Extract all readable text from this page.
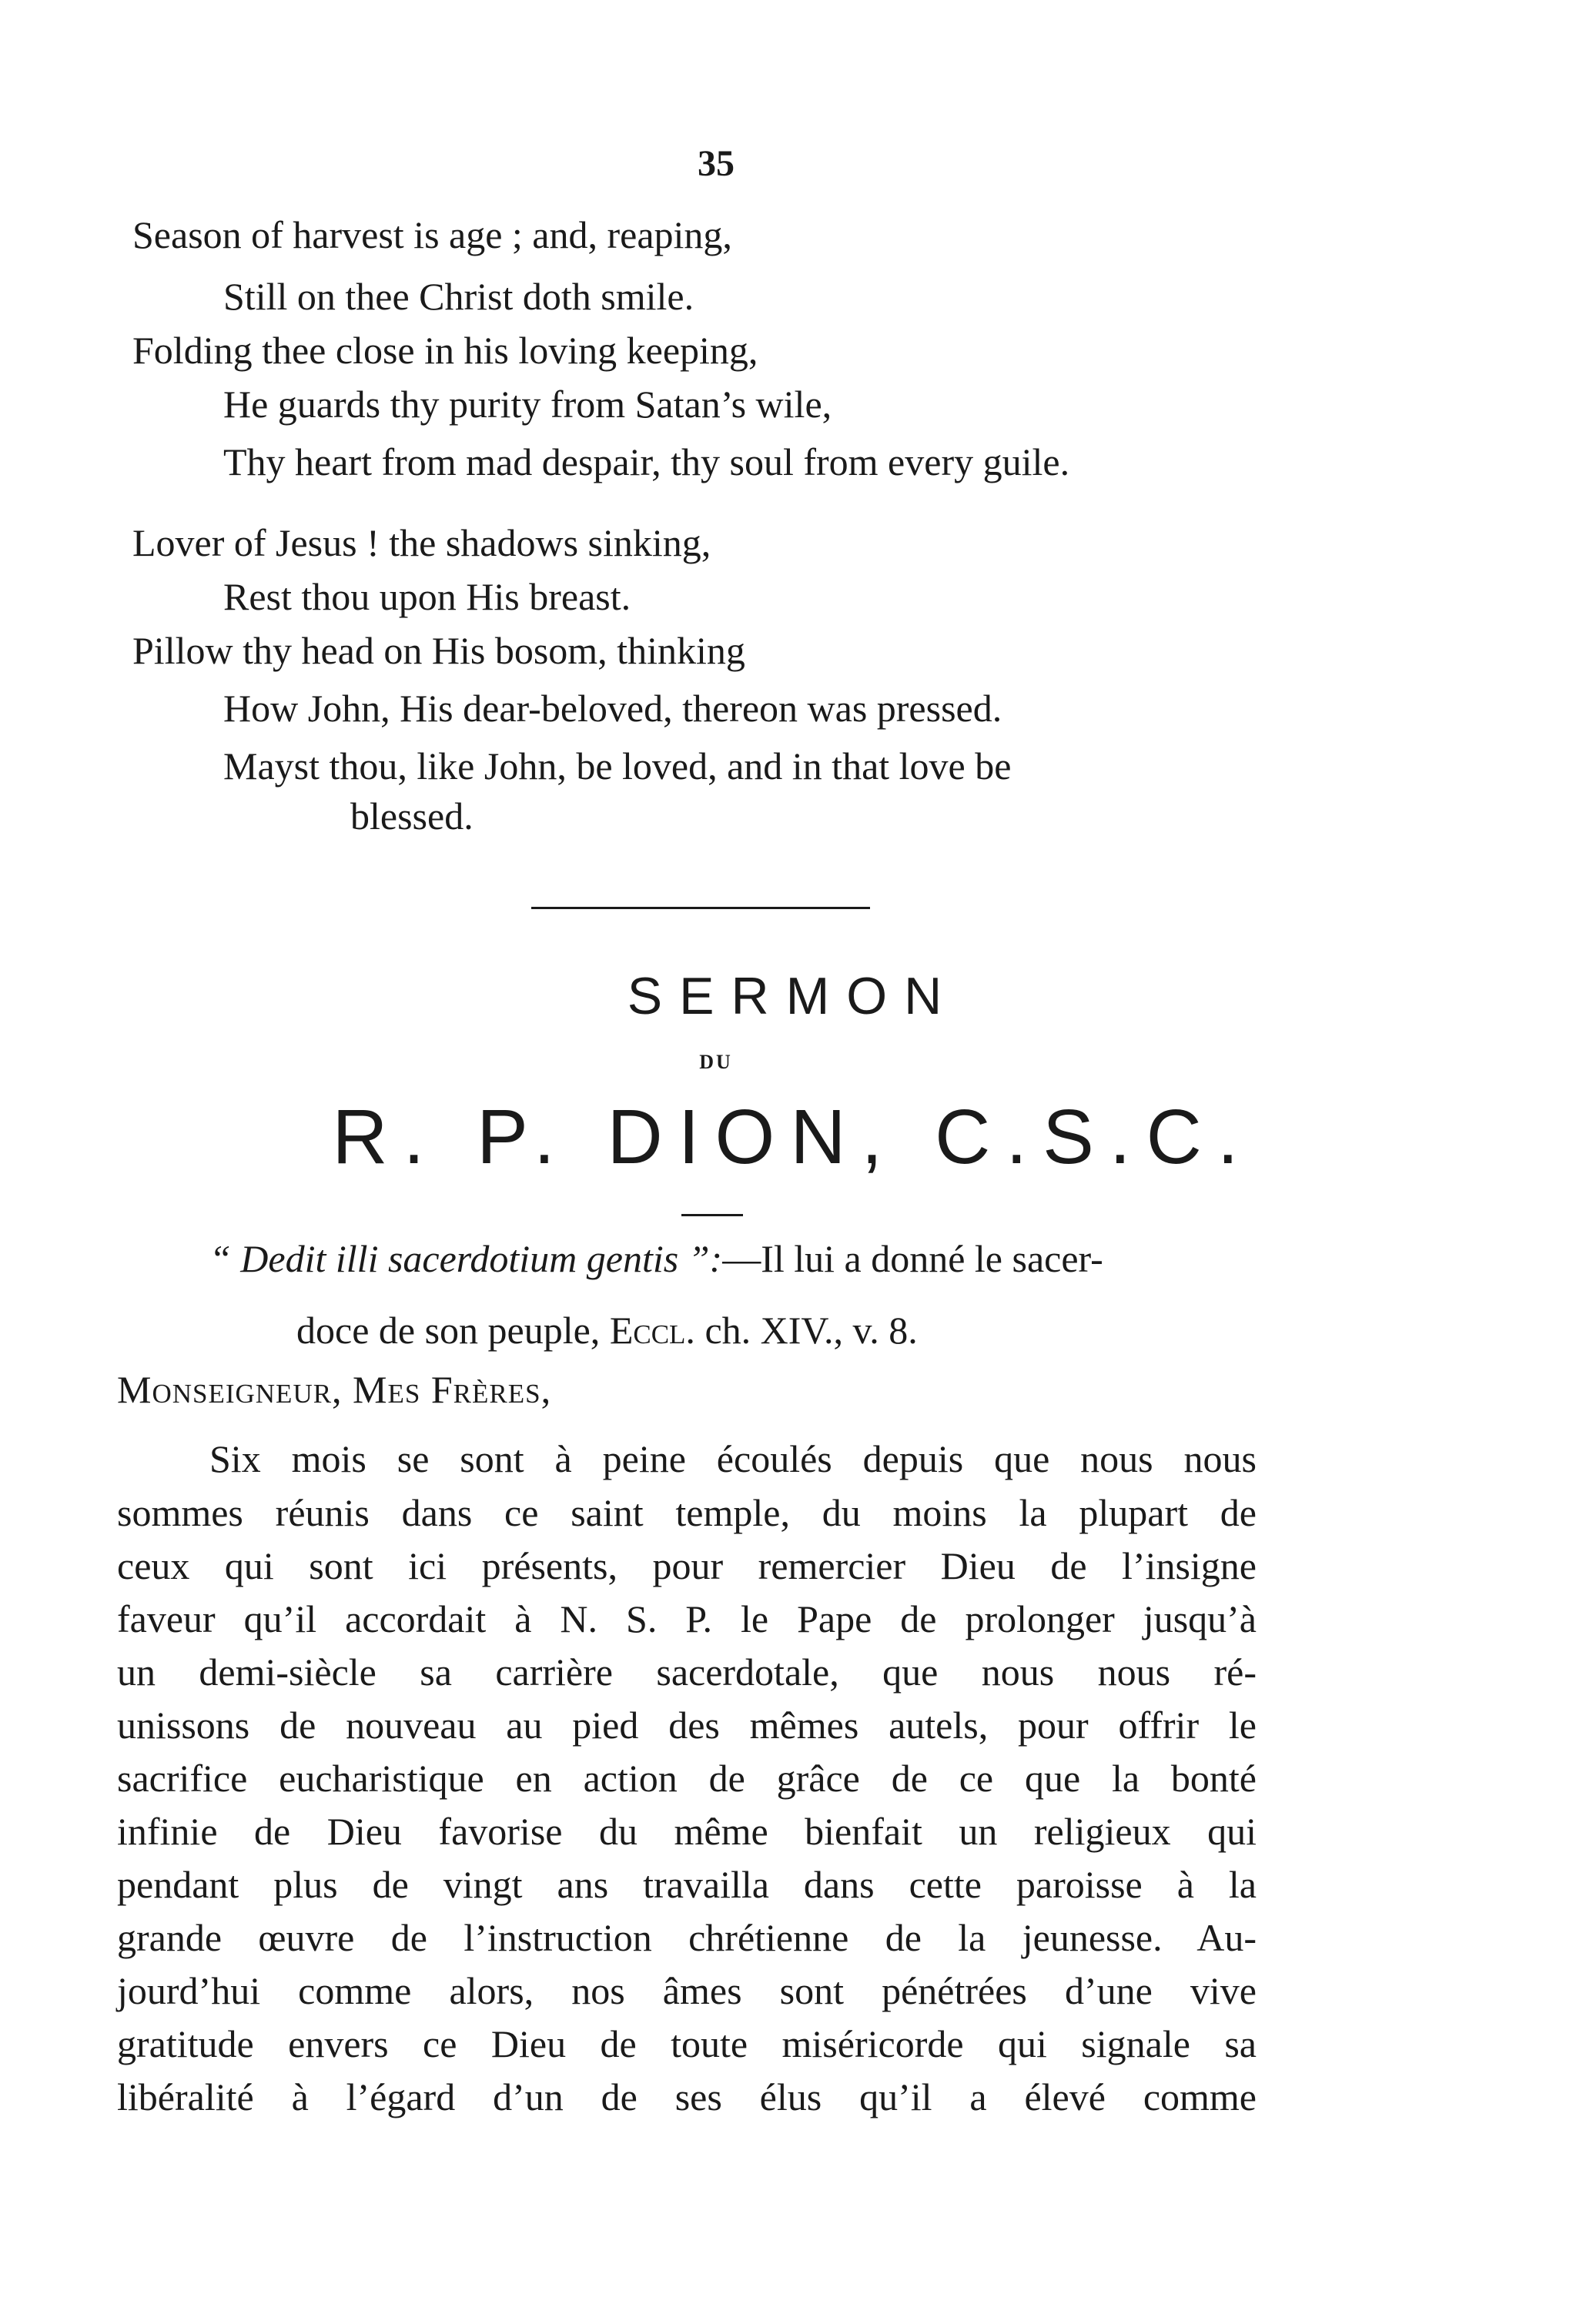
35
Season of harvest is age ; and, reaping,
Still on thee Christ doth smile.
Folding thee close in his loving keeping,
He guards thy purity from Satan’s wile,
Thy heart from mad despair, thy soul from every guile.
Lover of Jesus ! the shadows sinking,
Rest thou upon His breast.
Pillow thy head on His bosom, thinking
How John, His dear-beloved, thereon was pressed.
Mayst thou, like John, be loved, and in that love be
blessed.
SERMON
DU
R. P. DION, C.S.C.
“ Dedit illi sacerdotium gentis ”:—Il lui a donné le sacer-
doce de son peuple, Eccl. ch. XIV., v. 8.
Monseigneur, Mes Frères,
Six mois se sont à peine écoulés depuis que nous nous
sommes réunis dans ce saint temple, du moins la plupart de
ceux qui sont ici présents, pour remercier Dieu de l’insigne
faveur qu’il accordait à N. S. P. le Pape de prolonger jusqu’à
un demi-siècle sa carrière sacerdotale, que nous nous ré-
unissons de nouveau au pied des mêmes autels, pour offrir le
sacrifice eucharistique en action de grâce de ce que la bonté
infinie de Dieu favorise du même bienfait un religieux qui
pendant plus de vingt ans travailla dans cette paroisse à la
grande œuvre de l’instruction chrétienne de la jeunesse. Au-
jourd’hui comme alors, nos âmes sont pénétrées d’une vive
gratitude envers ce Dieu de toute miséricorde qui signale sa
libéralité à l’égard d’un de ses élus qu’il a élevé comme
